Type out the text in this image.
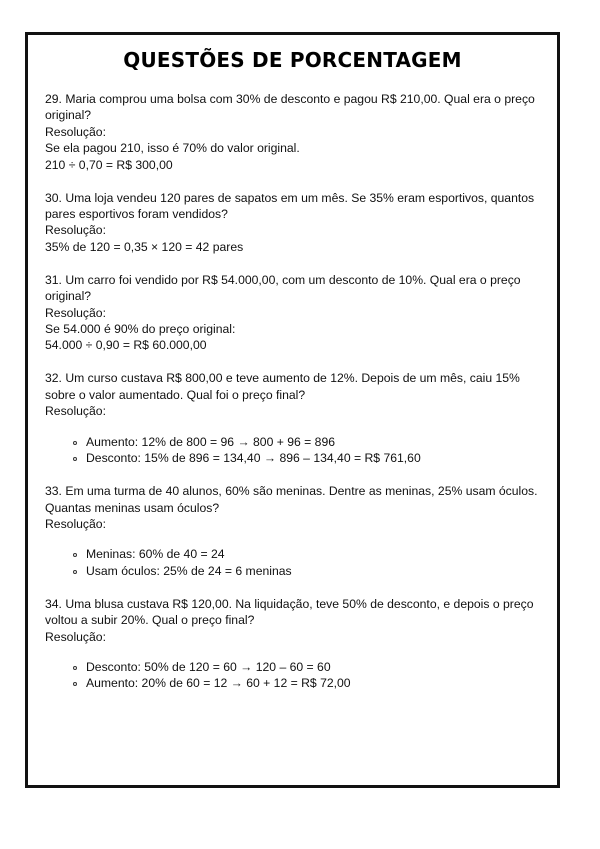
QUESTÕES DE PORCENTAGEM
29. Maria comprou uma bolsa com 30% de desconto e pagou R$ 210,00. Qual era o preço original?
Resolução:
Se ela pagou 210, isso é 70% do valor original.
210 ÷ 0,70 = R$ 300,00
30. Uma loja vendeu 120 pares de sapatos em um mês. Se 35% eram esportivos, quantos pares esportivos foram vendidos?
Resolução:
35% de 120 = 0,35 × 120 = 42 pares
31. Um carro foi vendido por R$ 54.000,00, com um desconto de 10%. Qual era o preço original?
Resolução:
Se 54.000 é 90% do preço original:
54.000 ÷ 0,90 = R$ 60.000,00
32. Um curso custava R$ 800,00 e teve aumento de 12%. Depois de um mês, caiu 15% sobre o valor aumentado. Qual foi o preço final?
Resolução:
Aumento: 12% de 800 = 96 → 800 + 96 = 896
Desconto: 15% de 896 = 134,40 → 896 – 134,40 = R$ 761,60
33. Em uma turma de 40 alunos, 60% são meninas. Dentre as meninas, 25% usam óculos. Quantas meninas usam óculos?
Resolução:
Meninas: 60% de 40 = 24
Usam óculos: 25% de 24 = 6 meninas
34. Uma blusa custava R$ 120,00. Na liquidação, teve 50% de desconto, e depois o preço voltou a subir 20%. Qual o preço final?
Resolução:
Desconto: 50% de 120 = 60 → 120 – 60 = 60
Aumento: 20% de 60 = 12 → 60 + 12 = R$ 72,00
